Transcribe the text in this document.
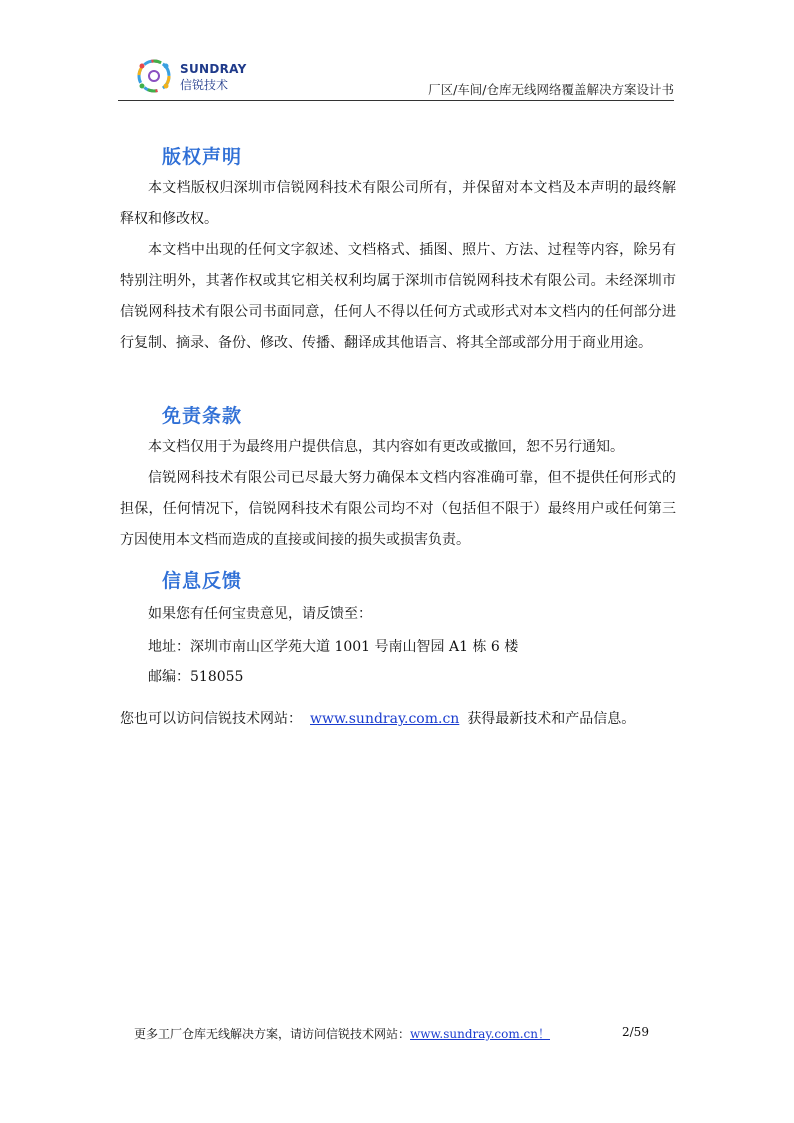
SUNDRAY
信锐技术	厂区/车间/仓库无线网络覆盖解决方案设计书
版权声明

本文档版权归深圳市信锐网科技术有限公司所有，并保留对本文档及本声明的最终解释权和修改权。

本文档中出现的任何文字叙述、文档格式、插图、照片、方法、过程等内容，除另有特别注明外，其著作权或其它相关权利均属于深圳市信锐网科技术有限公司。未经深圳市信锐网科技术有限公司书面同意，任何人不得以任何方式或形式对本文档内的任何部分进行复制、摘录、备份、修改、传播、翻译成其他语言、将其全部或部分用于商业用途。

免责条款

本文档仅用于为最终用户提供信息，其内容如有更改或撤回，恕不另行通知。

信锐网科技术有限公司已尽最大努力确保本文档内容准确可靠，但不提供任何形式的担保，任何情况下，信锐网科技术有限公司均不对（包括但不限于）最终用户或任何第三方因使用本文档而造成的直接或间接的损失或损害负责。

信息反馈
如果您有任何宝贵意见，请反馈至：
地址：深圳市南山区学苑大道 1001 号南山智园 A1 栋 6 楼
邮编：518055
您也可以访问信锐技术网站： www.sundray.com.cn 获得最新技术和产品信息。
更多工厂仓库无线解决方案，请访问信锐技术网站：www.sundray.com.cn！	2/59
